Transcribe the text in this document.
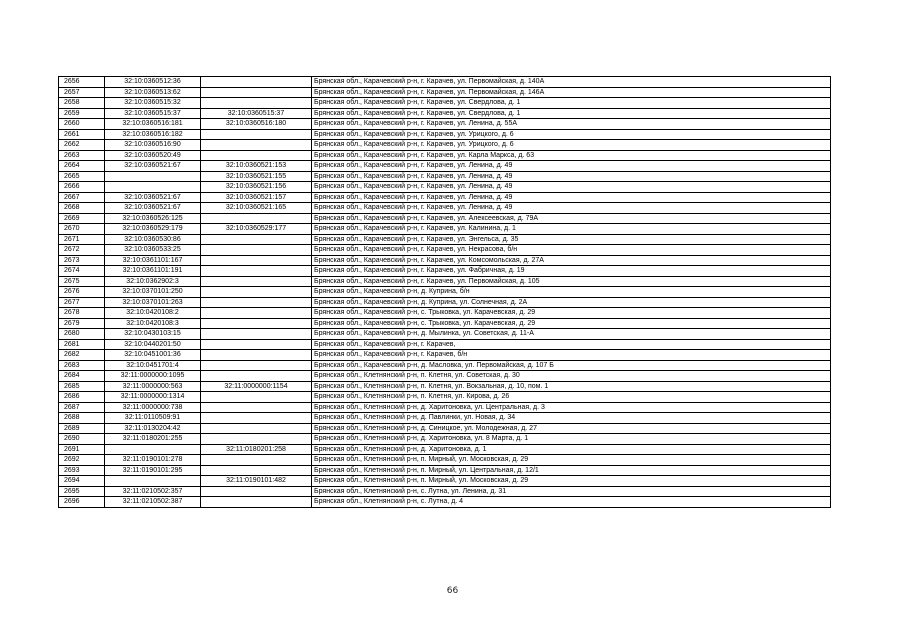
2656	32:10:0360512:36		Брянская обл., Карачевский р-н, г. Карачев, ул. Первомайская, д. 140А
2657	32:10:0360513:62		Брянская обл., Карачевский р-н, г. Карачев, ул. Первомайская, д. 146А
2658	32:10:0360515:32		Брянская обл., Карачевский р-н, г. Карачев, ул. Свердлова, д. 1
2659	32:10:0360515:37	32:10:0360515:37	Брянская обл., Карачевский р-н, г. Карачев, ул. Свердлова, д. 1
2660	32:10:0360516:181	32:10:0360516:180	Брянская обл., Карачевский р-н, г. Карачев, ул. Ленина, д. 55А
2661	32:10:0360516:182		Брянская обл., Карачевский р-н, г. Карачев, ул. Урицкого, д. 6
2662	32:10:0360516:90		Брянская обл., Карачевский р-н, г. Карачев, ул. Урицкого, д. 6
2663	32:10:0360520:49		Брянская обл., Карачевский р-н, г. Карачев, ул. Карла Маркса, д. 63
2664	32:10:0360521:67	32:10:0360521:153	Брянская обл., Карачевский р-н, г. Карачев, ул. Ленина, д. 49
2665		32:10:0360521:155	Брянская обл., Карачевский р-н, г. Карачев, ул. Ленина, д. 49
2666		32:10:0360521:156	Брянская обл., Карачевский р-н, г. Карачев, ул. Ленина, д. 49
2667	32:10:0360521:67	32:10:0360521:157	Брянская обл., Карачевский р-н, г. Карачев, ул. Ленина, д. 49
2668	32:10:0360521:67	32:10:0360521:165	Брянская обл., Карачевский р-н, г. Карачев, ул. Ленина, д. 49
2669	32:10:0360526:125		Брянская обл., Карачевский р-н, г. Карачев, ул. Алексеевская, д. 79А
2670	32:10:0360529:179	32:10:0360529:177	Брянская обл., Карачевский р-н, г. Карачев, ул. Калинина, д. 1
2671	32:10:0360530:86		Брянская обл., Карачевский р-н, г. Карачев, ул. Энгельса, д. 35
2672	32:10:0360533:25		Брянская обл., Карачевский р-н, г. Карачев, ул. Некрасова, б/н
2673	32:10:0361101:167		Брянская обл., Карачевский р-н, г. Карачев, ул. Комсомольская, д. 27А
2674	32:10:0361101:191		Брянская обл., Карачевский р-н, г. Карачев, ул. Фабричная, д. 19
2675	32:10:0362902:3		Брянская обл., Карачевский р-н, г. Карачев, ул. Первомайская, д. 105
2676	32:10:0370101:250		Брянская обл., Карачевский р-н, д. Куприна, б/н
2677	32:10:0370101:263		Брянская обл., Карачевский р-н, д. Куприна, ул. Солнечная, д. 2А
2678	32:10:0420108:2		Брянская обл., Карачевский р-н, с. Трыковка, ул. Карачевская, д. 29
2679	32:10:0420108:3		Брянская обл., Карачевский р-н, с. Трыковка, ул. Карачевская, д. 29
2680	32:10:0430103:15		Брянская обл., Карачевский р-н, д. Мылинка, ул. Советская, д. 11-А
2681	32:10:0440201:50		Брянская обл., Карачевский р-н, г. Карачев,
2682	32:10:0451001:36		Брянская обл., Карачевский р-н, г. Карачев, б/н
2683	32:10:0451701:4		Брянская обл., Карачевский р-н, д. Масловка, ул. Первомайская, д. 107 Б
2684	32:11:0000000:1095		Брянская обл., Клетнянский р-н, п. Клетня, ул. Советская, д. 30
2685	32:11:0000000:563	32:11:0000000:1154	Брянская обл., Клетнянский р-н, п. Клетня, ул. Вокзальная, д. 10, пом. 1
2686	32:11:0000000:1314		Брянская обл., Клетнянский р-н, п. Клетня, ул. Кирова, д. 26
2687	32:11:0000000:738		Брянская обл., Клетнянский р-н, д. Харитоновка, ул. Центральная, д. 3
2688	32:11:0110509:91		Брянская обл., Клетнянский р-н, д. Павлинки, ул. Новая, д. 34
2689	32:11:0130204:42		Брянская обл., Клетнянский р-н, д. Синицкое, ул. Молодежная, д. 27
2690	32:11:0180201:255		Брянская обл., Клетнянский р-н, д. Харитоновка, ул. 8 Марта, д. 1
2691		32:11:0180201:258	Брянская обл., Клетнянский р-н, д. Харитоновка, д. 1
2692	32:11:0190101:278		Брянская обл., Клетнянский р-н, п. Мирный, ул. Московская, д. 29
2693	32:11:0190101:295		Брянская обл., Клетнянский р-н, п. Мирный, ул. Центральная, д. 12/1
2694		32:11:0190101:482	Брянская обл., Клетнянский р-н, п. Мирный, ул. Московская, д. 29
2695	32:11:0210502:357		Брянская обл., Клетнянский р-н, с. Лутна, ул. Ленина, д. 31
2696	32:11:0210502:387		Брянская обл., Клетнянский р-н, с. Лутна, д. 4
66
